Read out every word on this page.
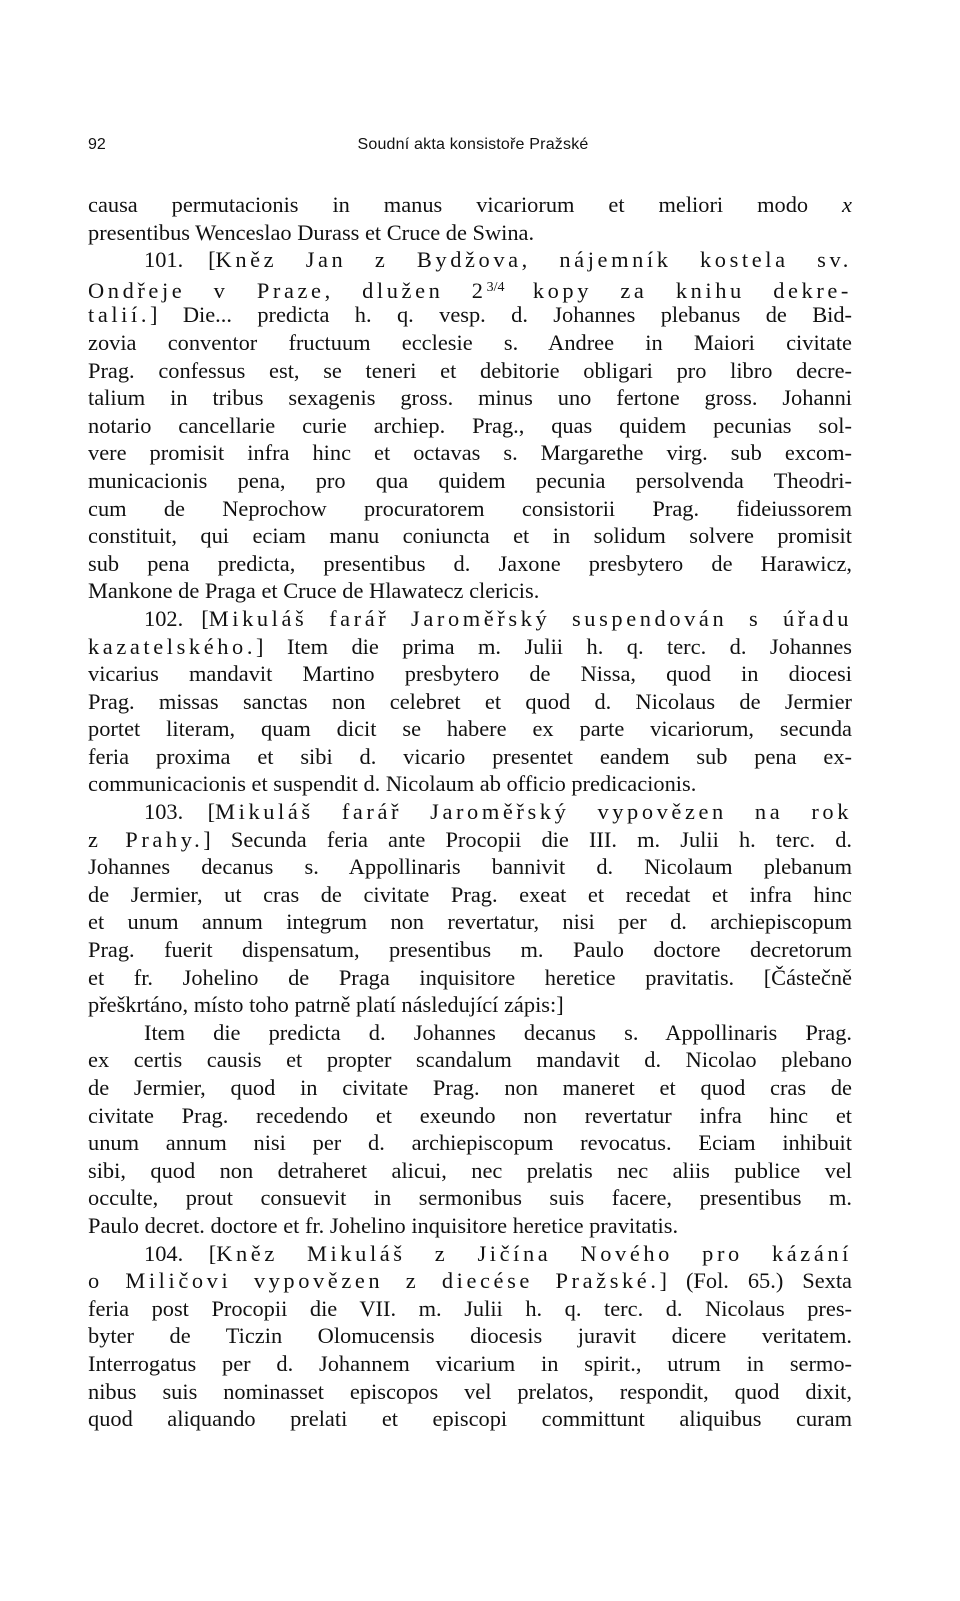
92	Soudní akta konsistoře Pražské
causa permutacionis in manus vicariorum et meliori modo x
presentibus Wenceslao Durass et Cruce de Swina.
101. [Kněz Jan z Bydžova, nájemník kostela sv.
Ondřeje v Praze, dlužen $2^{3/4}$ kopy za knihu dekre-
talií.] Die... predicta h. q. vesp. d. Johannes plebanus de Bid-
zovia conventor fructuum ecclesie s. Andree in Maiori civitate
Prag. confessus est, se teneri et debitorie obligari pro libro decre-
talium in tribus sexagenis gross. minus uno fertone gross. Johanni
notario cancellarie curie archiep. Prag., quas quidem pecunias sol-
vere promisit infra hinc et octavas s. Margarethe virg. sub excom-
municacionis pena, pro qua quidem pecunia persolvenda Theodri-
cum de Neprochow procuratorem consistorii Prag. fideiussorem
constituit, qui eciam manu coniuncta et in solidum solvere promisit
sub pena predicta, presentibus d. Jaxone presbytero de Harawicz,
Mankone de Praga et Cruce de Hlawatecz clericis.
102. [Mikuláš farář Jaroměřský suspendován s úřadu
kazatelského.] Item die prima m. Julii h. q. terc. d. Johannes
vicarius mandavit Martino presbytero de Nissa, quod in diocesi
Prag. missas sanctas non celebret et quod d. Nicolaus de Jermier
portet literam, quam dicit se habere ex parte vicariorum, secunda
feria proxima et sibi d. vicario presentet eandem sub pena ex-
communicacionis et suspendit d. Nicolaum ab officio predicacionis.
103. [Mikuláš farář Jaroměřský vypovězen na rok
z Prahy.] Secunda feria ante Procopii die III. m. Julii h. terc. d.
Johannes decanus s. Appollinaris bannivit d. Nicolaum plebanum
de Jermier, ut cras de civitate Prag. exeat et recedat et infra hinc
et unum annum integrum non revertatur, nisi per d. archiepiscopum
Prag. fuerit dispensatum, presentibus m. Paulo doctore decretorum
et fr. Johelino de Praga inquisitore heretice pravitatis. [Částečně
přeškrtáno, místo toho patrně platí následující zápis:]
Item die predicta d. Johannes decanus s. Appollinaris Prag.
ex certis causis et propter scandalum mandavit d. Nicolao plebano
de Jermier, quod in civitate Prag. non maneret et quod cras de
civitate Prag. recedendo et exeundo non revertatur infra hinc et
unum annum nisi per d. archiepiscopum revocatus. Eciam inhibuit
sibi, quod non detraheret alicui, nec prelatis nec aliis publice vel
occulte, prout consuevit in sermonibus suis facere, presentibus m.
Paulo decret. doctore et fr. Johelino inquisitore heretice pravitatis.
104. [Kněz Mikuláš z Jičína Nového pro kázání
o Miličovi vypovězen z diecése Pražské.] (Fol. 65.) Sexta
feria post Procopii die VII. m. Julii h. q. terc. d. Nicolaus pres-
byter de Ticzin Olomucensis diocesis juravit dicere veritatem.
Interrogatus per d. Johannem vicarium in spirit., utrum in sermo-
nibus suis nominasset episcopos vel prelatos, respondit, quod dixit,
quod aliquando prelati et episcopi committunt aliquibus curam
